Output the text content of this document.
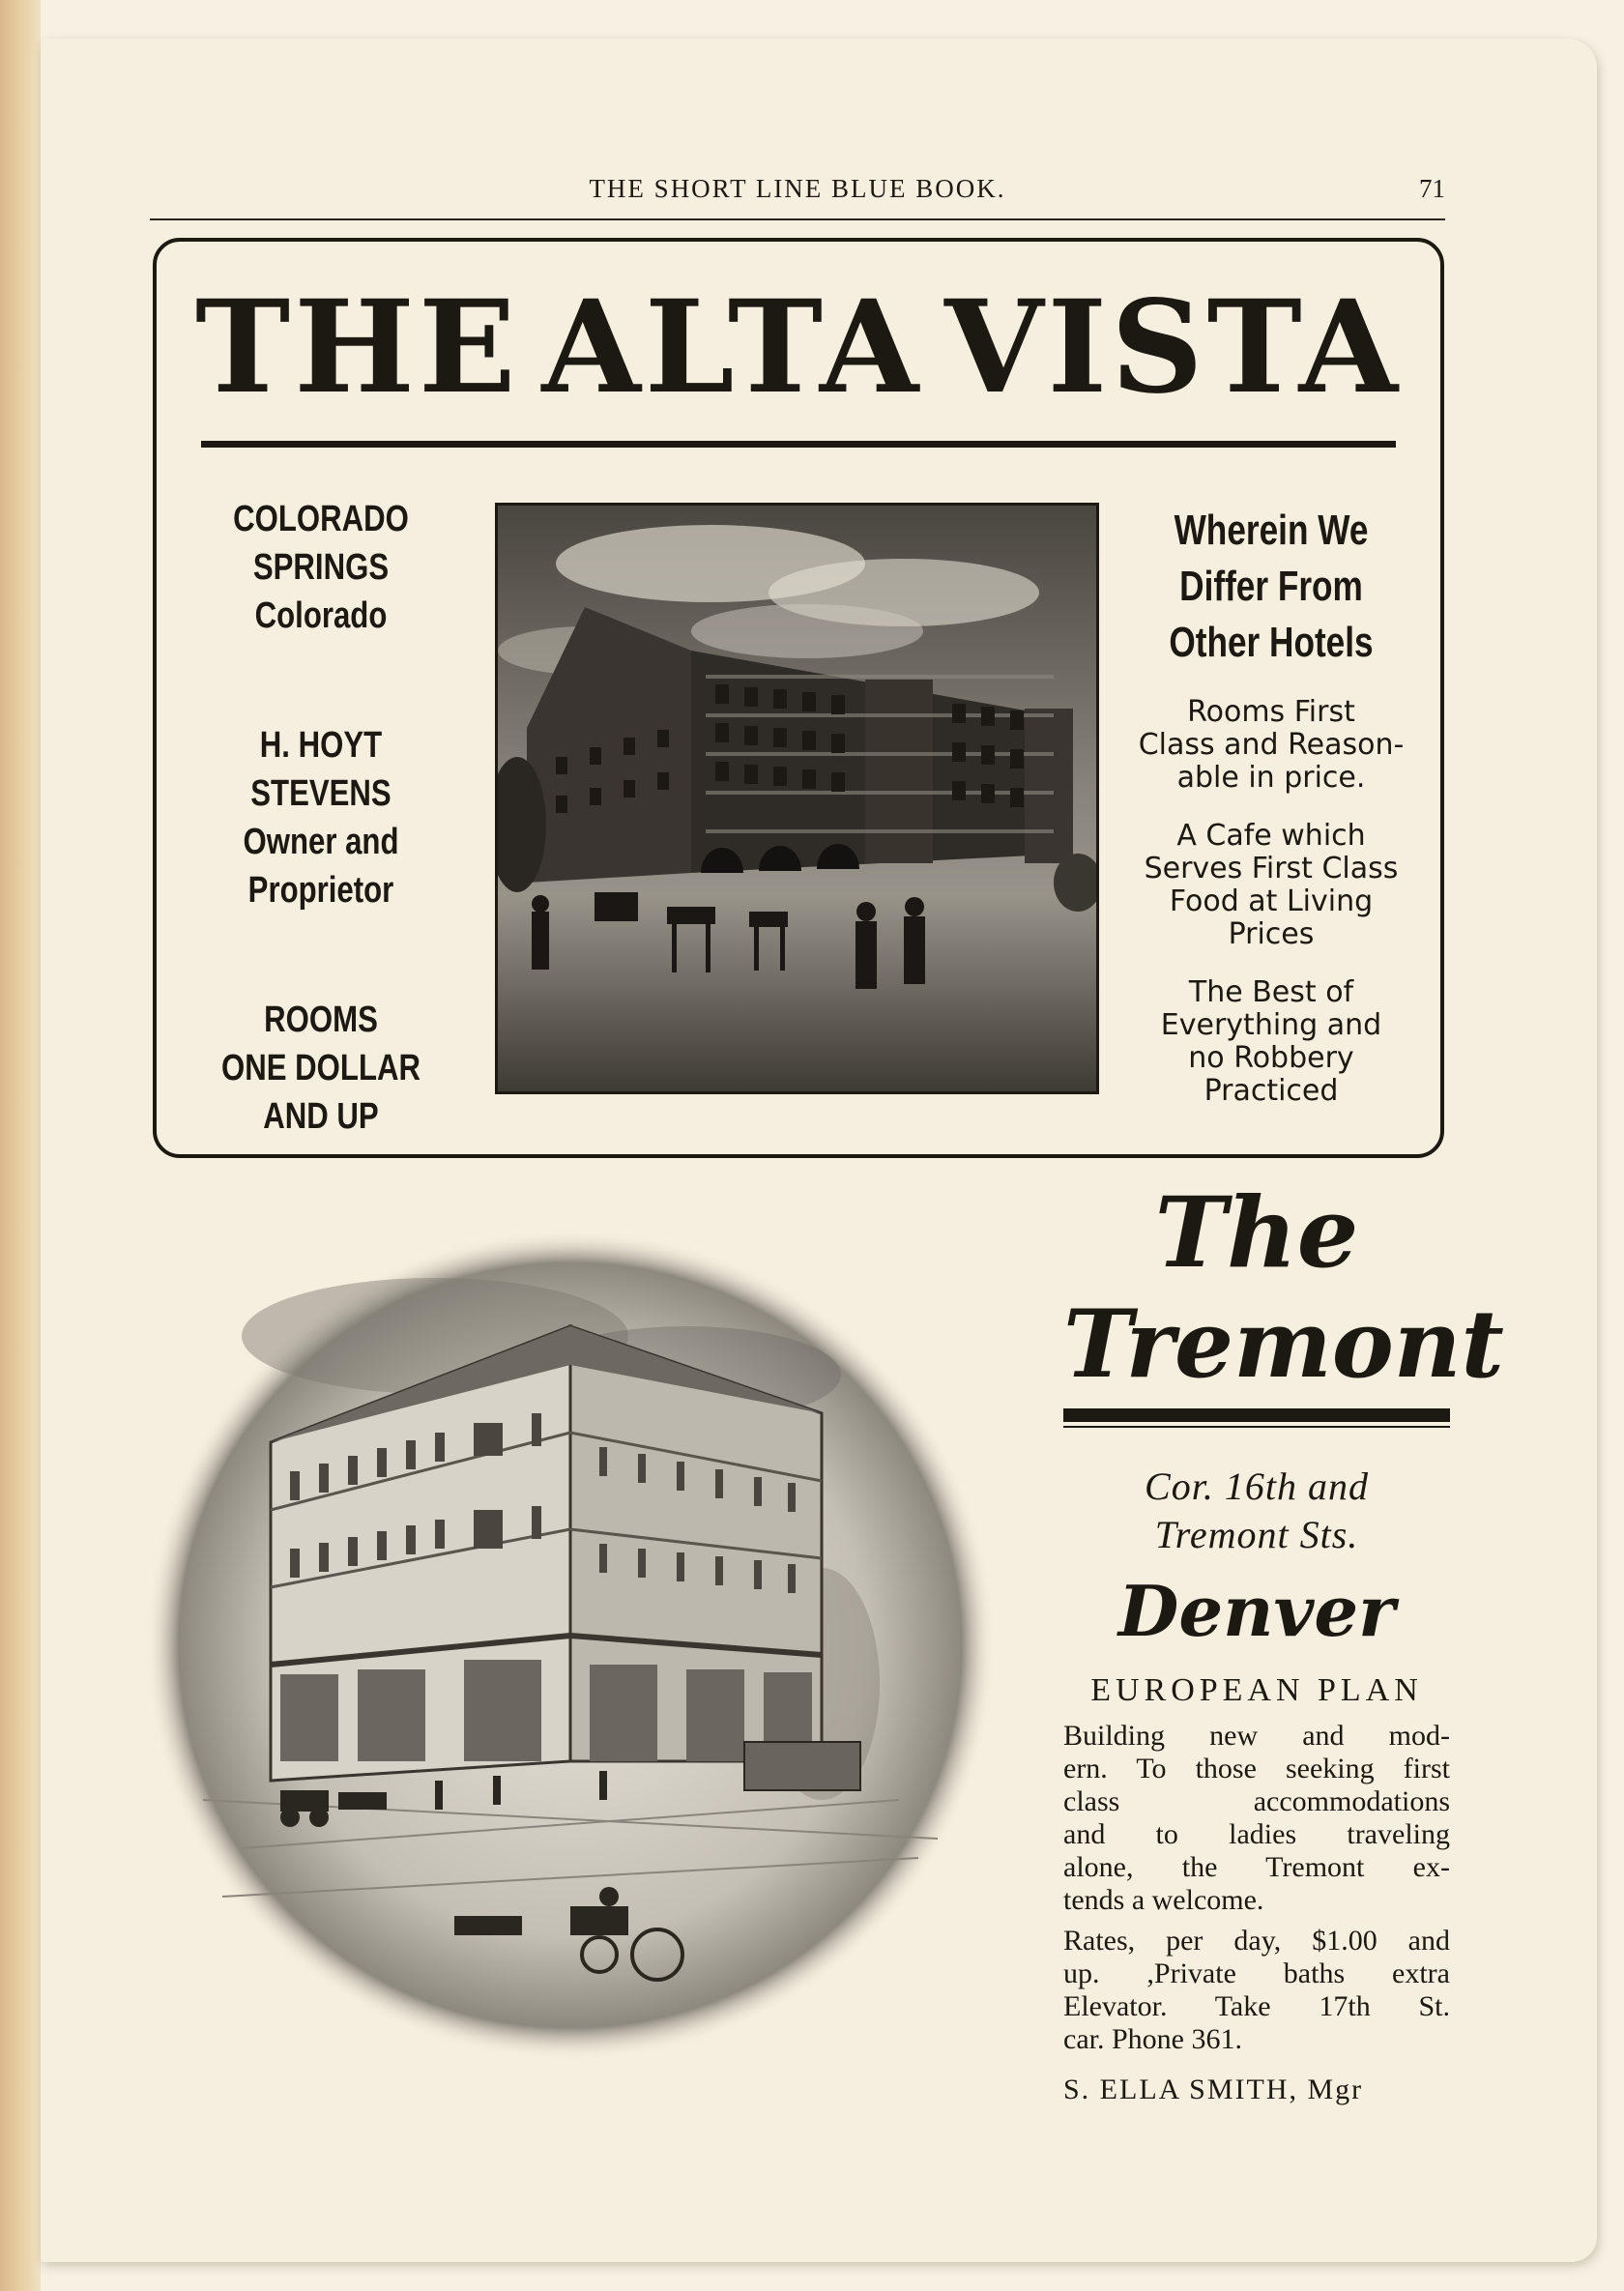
THE SHORT LINE BLUE BOOK.	71
THE ALTA VISTA
COLORADO
SPRINGS
Colorado
H. HOYT STEVENS
Owner and
Proprietor
ROOMS
ONE DOLLAR
AND UP
Wherein We
Differ From
Other Hotels
Rooms First
Class and Reason-
able in price.
A Cafe which
Serves First Class
Food at Living
Prices
The Best of
Everything and
no Robbery
Practiced
The
Tremont
Cor. 16th and
Tremont Sts.
Denver
EUROPEAN PLAN
Building new and mod-
ern. To those seeking first
class accommodations
and to ladies traveling
alone, the Tremont ex-
tends a welcome.
Rates, per day, $1.00 and
up. ,Private baths extra
Elevator. Take 17th St.
car. Phone 361.
S. ELLA SMITH, Mgr
